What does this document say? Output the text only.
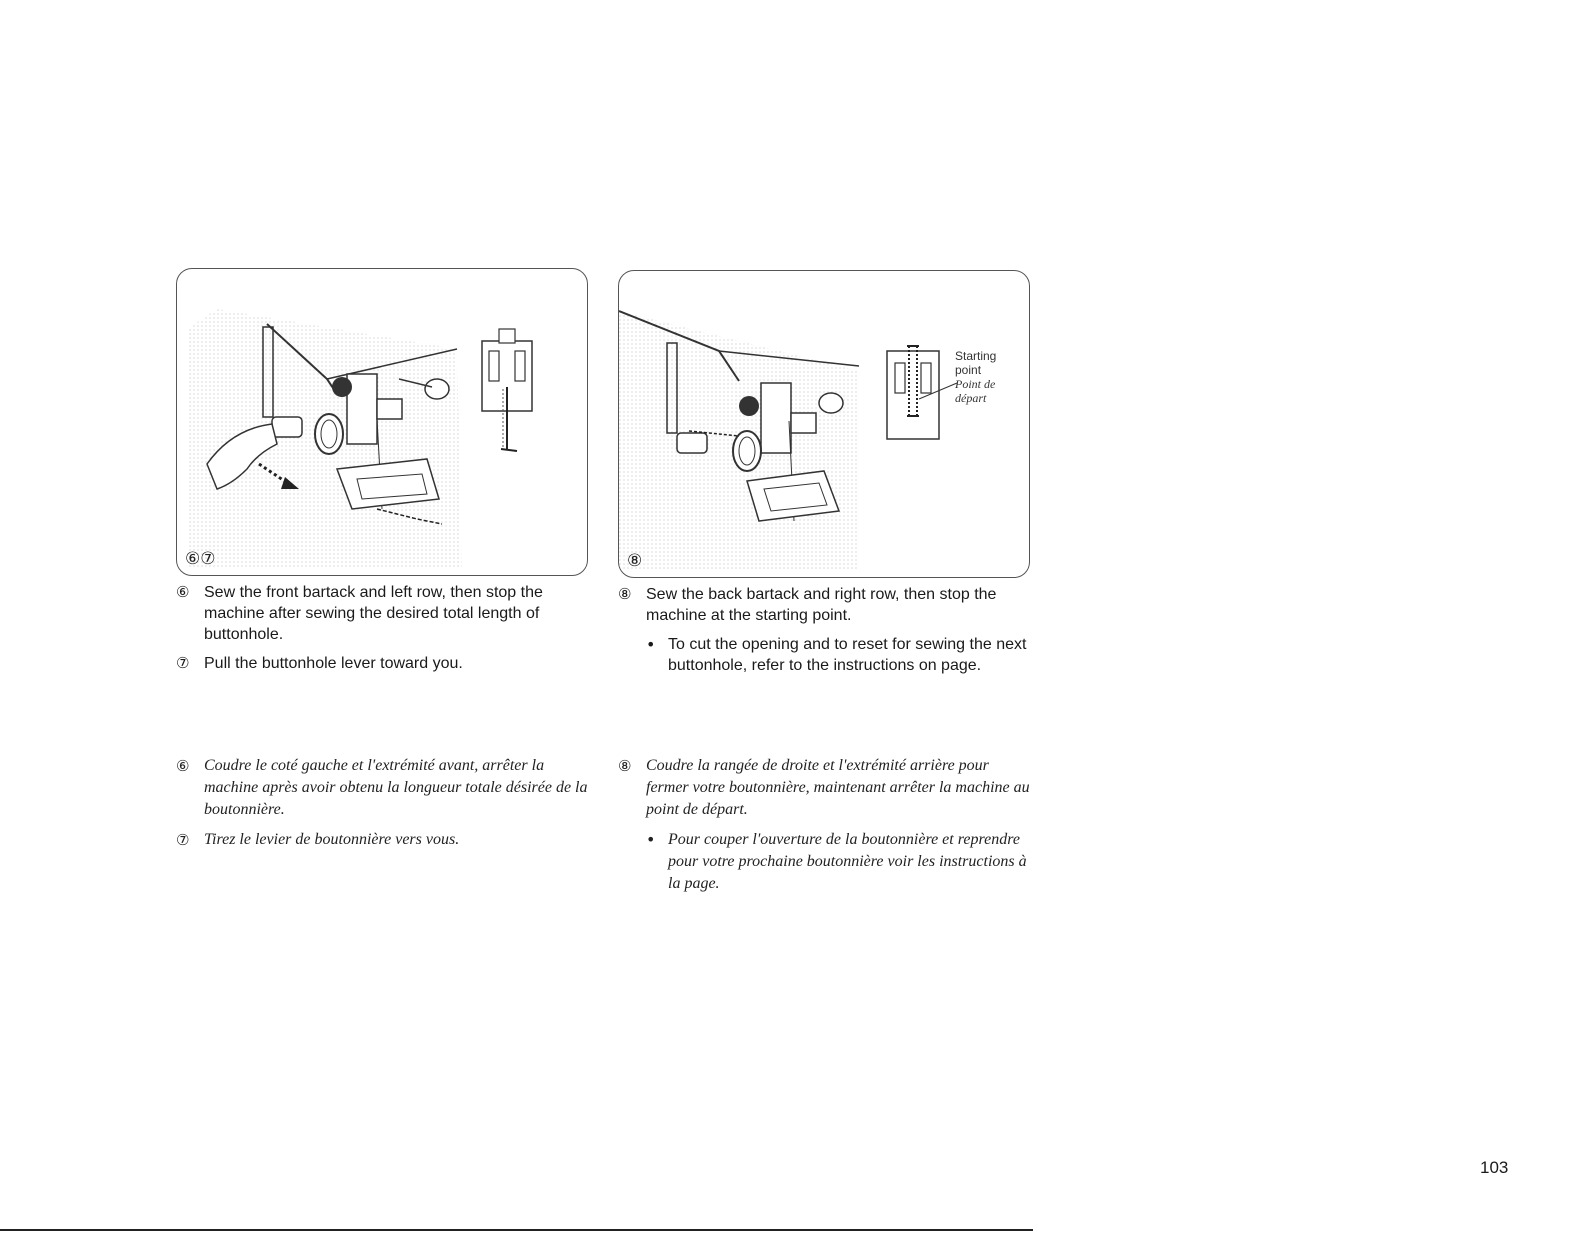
⑥⑦
Starting point
Point de départ
⑧
⑥ Sew the front bartack and left row, then stop the machine after sewing the desired total length of buttonhole.
⑦ Pull the buttonhole lever toward you.
⑧ Sew the back bartack and right row, then stop the machine at the starting point.
• To cut the opening and to reset for sewing the next buttonhole, refer to the instructions on page.
⑥ Coudre le coté gauche et l'extrémité avant, arrêter la machine après avoir obtenu la longueur totale désirée de la boutonnière.
⑦ Tirez le levier de boutonnière vers vous.
⑧ Coudre la rangée de droite et l'extrémité arrière pour fermer votre boutonnière, maintenant arrêter la machine au point de départ.
• Pour couper l'ouverture de la boutonnière et reprendre pour votre prochaine boutonnière voir les instructions à la page.
103
